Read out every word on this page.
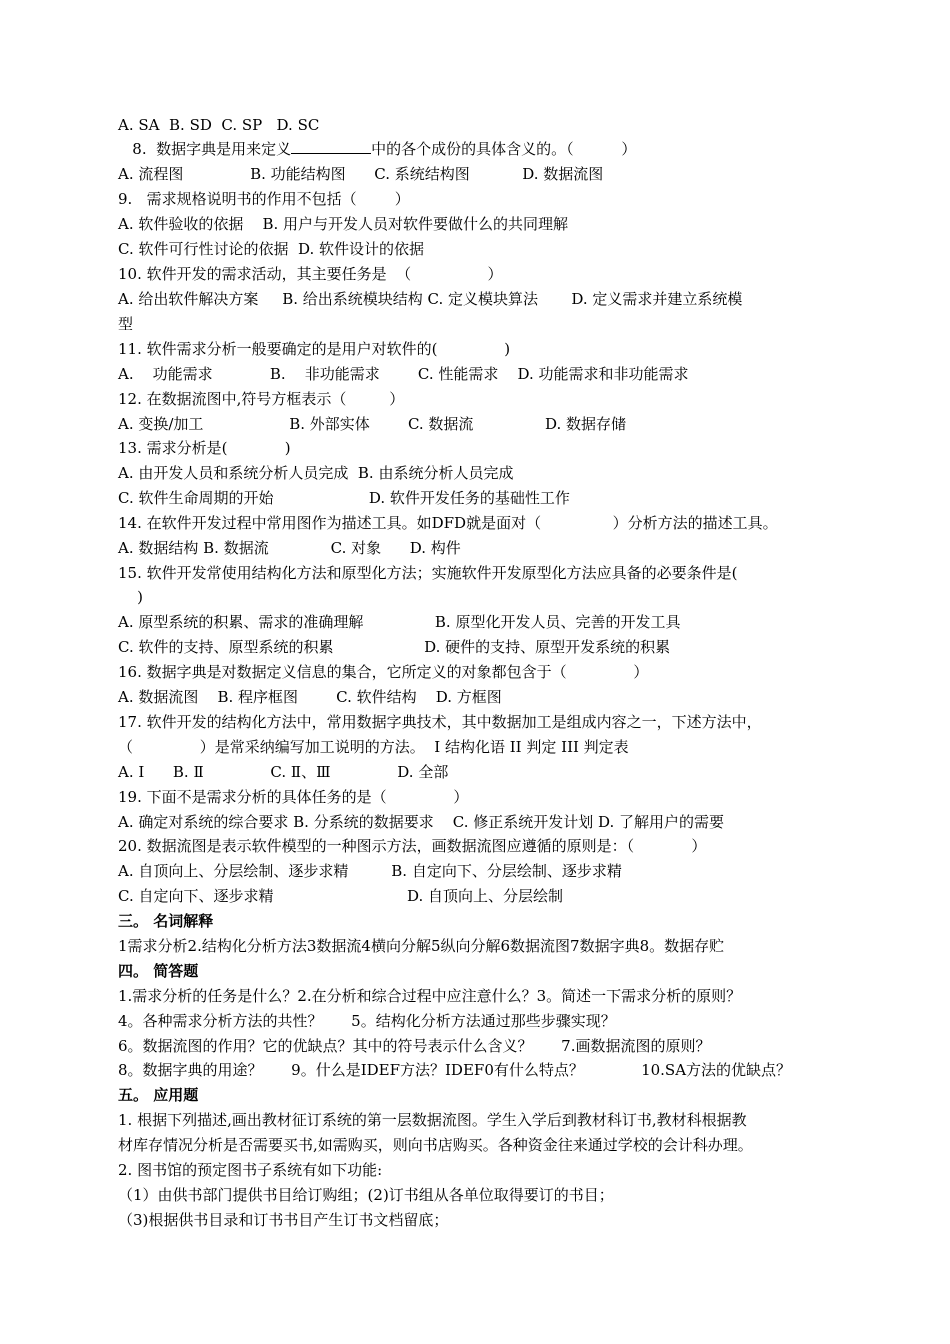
A. SA  B. SD  C. SP   D. SC
8.  数据字典是用来定义	中的各个成份的具体含义的。（          ）
A. 流程图              B. 功能结构图      C. 系统结构图           D. 数据流图
9.   需求规格说明书的作用不包括（        ）
A. 软件验收的依据    B. 用户与开发人员对软件要做什么的共同理解
C. 软件可行性讨论的依据  D. 软件设计的依据
10. 软件开发的需求活动，其主要任务是  （                ）
A. 给出软件解决方案     B. 给出系统模块结构 C. 定义模块算法       D. 定义需求并建立系统模
型
11. 软件需求分析一般要确定的是用户对软件的(              )
A.    功能需求            B.    非功能需求        C. 性能需求    D. 功能需求和非功能需求
12. 在数据流图中,符号方框表示（         ）
A. 变换/加工                  B. 外部实体        C. 数据流               D. 数据存储
13. 需求分析是(            )
A. 由开发人员和系统分析人员完成  B. 由系统分析人员完成
C. 软件生命周期的开始                    D. 软件开发任务的基础性工作
14. 在软件开发过程中常用图作为描述工具。如DFD就是面对（               ）分析方法的描述工具。
A. 数据结构 B. 数据流             C. 对象      D. 构件
15. 软件开发常使用结构化方法和原型化方法；实施软件开发原型化方法应具备的必要条件是(
)
A. 原型系统的积累、需求的准确理解               B. 原型化开发人员、完善的开发工具
C. 软件的支持、原型系统的积累                   D. 硬件的支持、原型开发系统的积累
16. 数据字典是对数据定义信息的集合，它所定义的对象都包含于（              ）
A. 数据流图    B. 程序框图        C. 软件结构    D. 方框图
17. 软件开发的结构化方法中，常用数据字典技术，其中数据加工是组成内容之一，下述方法中，
（              ）是常采纳编写加工说明的方法。  I 结构化语 II 判定 III 判定表
A. Ⅰ      B. Ⅱ              C. Ⅱ、Ⅲ              D. 全部
19. 下面不是需求分析的具体任务的是（              ）
A. 确定对系统的综合要求 B. 分系统的数据要求    C. 修正系统开发计划 D. 了解用户的需要
20. 数据流图是表示软件模型的一种图示方法，画数据流图应遵循的原则是：（            ）
A. 自顶向上、分层绘制、逐步求精         B. 自定向下、分层绘制、逐步求精
C. 自定向下、逐步求精                            D. 自顶向上、分层绘制
三。 名词解释
1需求分析2.结构化分析方法3数据流4横向分解5纵向分解6数据流图7数据字典8。数据存贮
四。 简答题
1.需求分析的任务是什么？2.在分析和综合过程中应注意什么？3。简述一下需求分析的原则？
4。各种需求分析方法的共性？      5。结构化分析方法通过那些步骤实现？
6。数据流图的作用？它的优缺点？其中的符号表示什么含义？      7.画数据流图的原则？
8。数据字典的用途？      9。什么是IDEF方法？IDEF0有什么特点？            10.SA方法的优缺点？
五。 应用题
1. 根据下列描述,画出教材征订系统的第一层数据流图。学生入学后到教材科订书,教材科根据教
材库存情况分析是否需要买书,如需购买，则向书店购买。各种资金往来通过学校的会计科办理。
2. 图书馆的预定图书子系统有如下功能:
（1）由供书部门提供书目给订购组；(2)订书组从各单位取得要订的书目；
（3)根据供书目录和订书书目产生订书文档留底；
